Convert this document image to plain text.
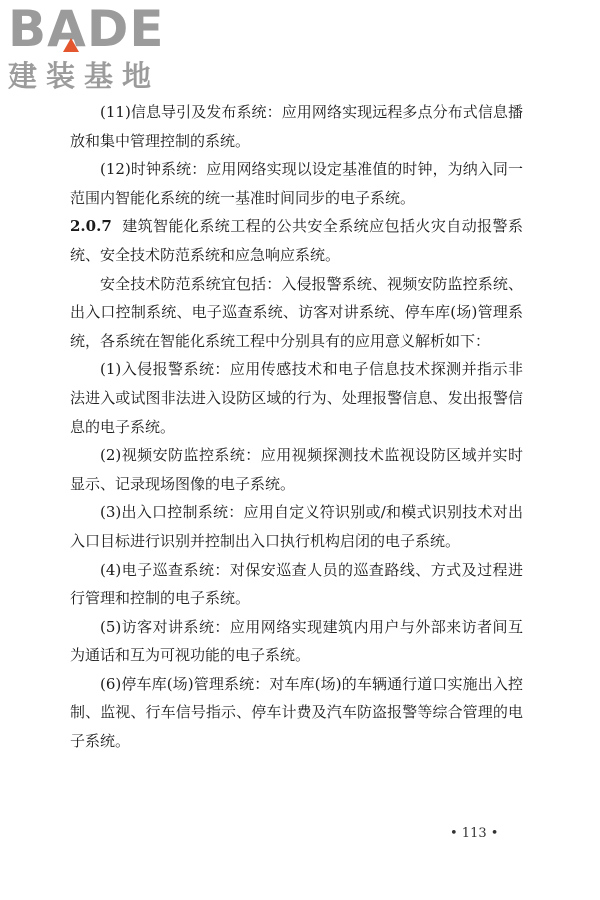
B A D E
建装基地

(11)信息导引及发布系统：应用网络实现远程多点分布式信息播放和集中管理控制的系统。

(12)时钟系统：应用网络实现以设定基准值的时钟，为纳入同一范围内智能化系统的统一基准时间同步的电子系统。

2.0.7 建筑智能化系统工程的公共安全系统应包括火灾自动报警系统、安全技术防范系统和应急响应系统。

安全技术防范系统宜包括：入侵报警系统、视频安防监控系统、出入口控制系统、电子巡查系统、访客对讲系统、停车库(场)管理系统，各系统在智能化系统工程中分别具有的应用意义解析如下：

(1)入侵报警系统：应用传感技术和电子信息技术探测并指示非法进入或试图非法进入设防区域的行为、处理报警信息、发出报警信息的电子系统。

(2)视频安防监控系统：应用视频探测技术监视设防区域并实时显示、记录现场图像的电子系统。

(3)出入口控制系统：应用自定义符识别或/和模式识别技术对出入口目标进行识别并控制出入口执行机构启闭的电子系统。

(4)电子巡查系统：对保安巡查人员的巡查路线、方式及过程进行管理和控制的电子系统。

(5)访客对讲系统：应用网络实现建筑内用户与外部来访者间互为通话和互为可视功能的电子系统。

(6)停车库(场)管理系统：对车库(场)的车辆通行道口实施出入控制、监视、行车信号指示、停车计费及汽车防盗报警等综合管理的电子系统。

• 113 •
